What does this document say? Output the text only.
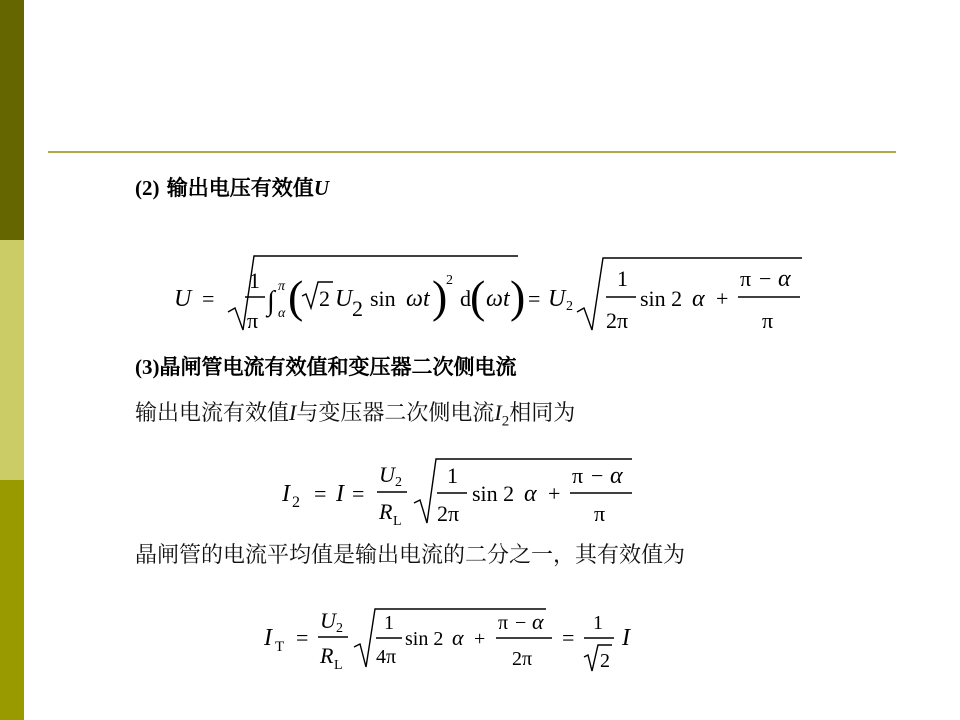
(2) 输出电压有效值U
U =
1
π
∫ π
α ( 2 U 2 sin ωt )
2
d ( ωt ) = U 2
1
2π
sin 2 α +
π − α
π
(3)晶闸管电流有效值和变压器二次侧电流
输出电流有效值I与变压器二次侧电流$I_2$相同为
I 2 = I =
U 2
R L
1
2π
sin 2 α +
π − α
π
晶闸管的电流平均值是输出电流的二分之一，其有效值为
I T =
U 2
R L
1
4π
sin 2 α +
π − α
2π
=
1
2
I
